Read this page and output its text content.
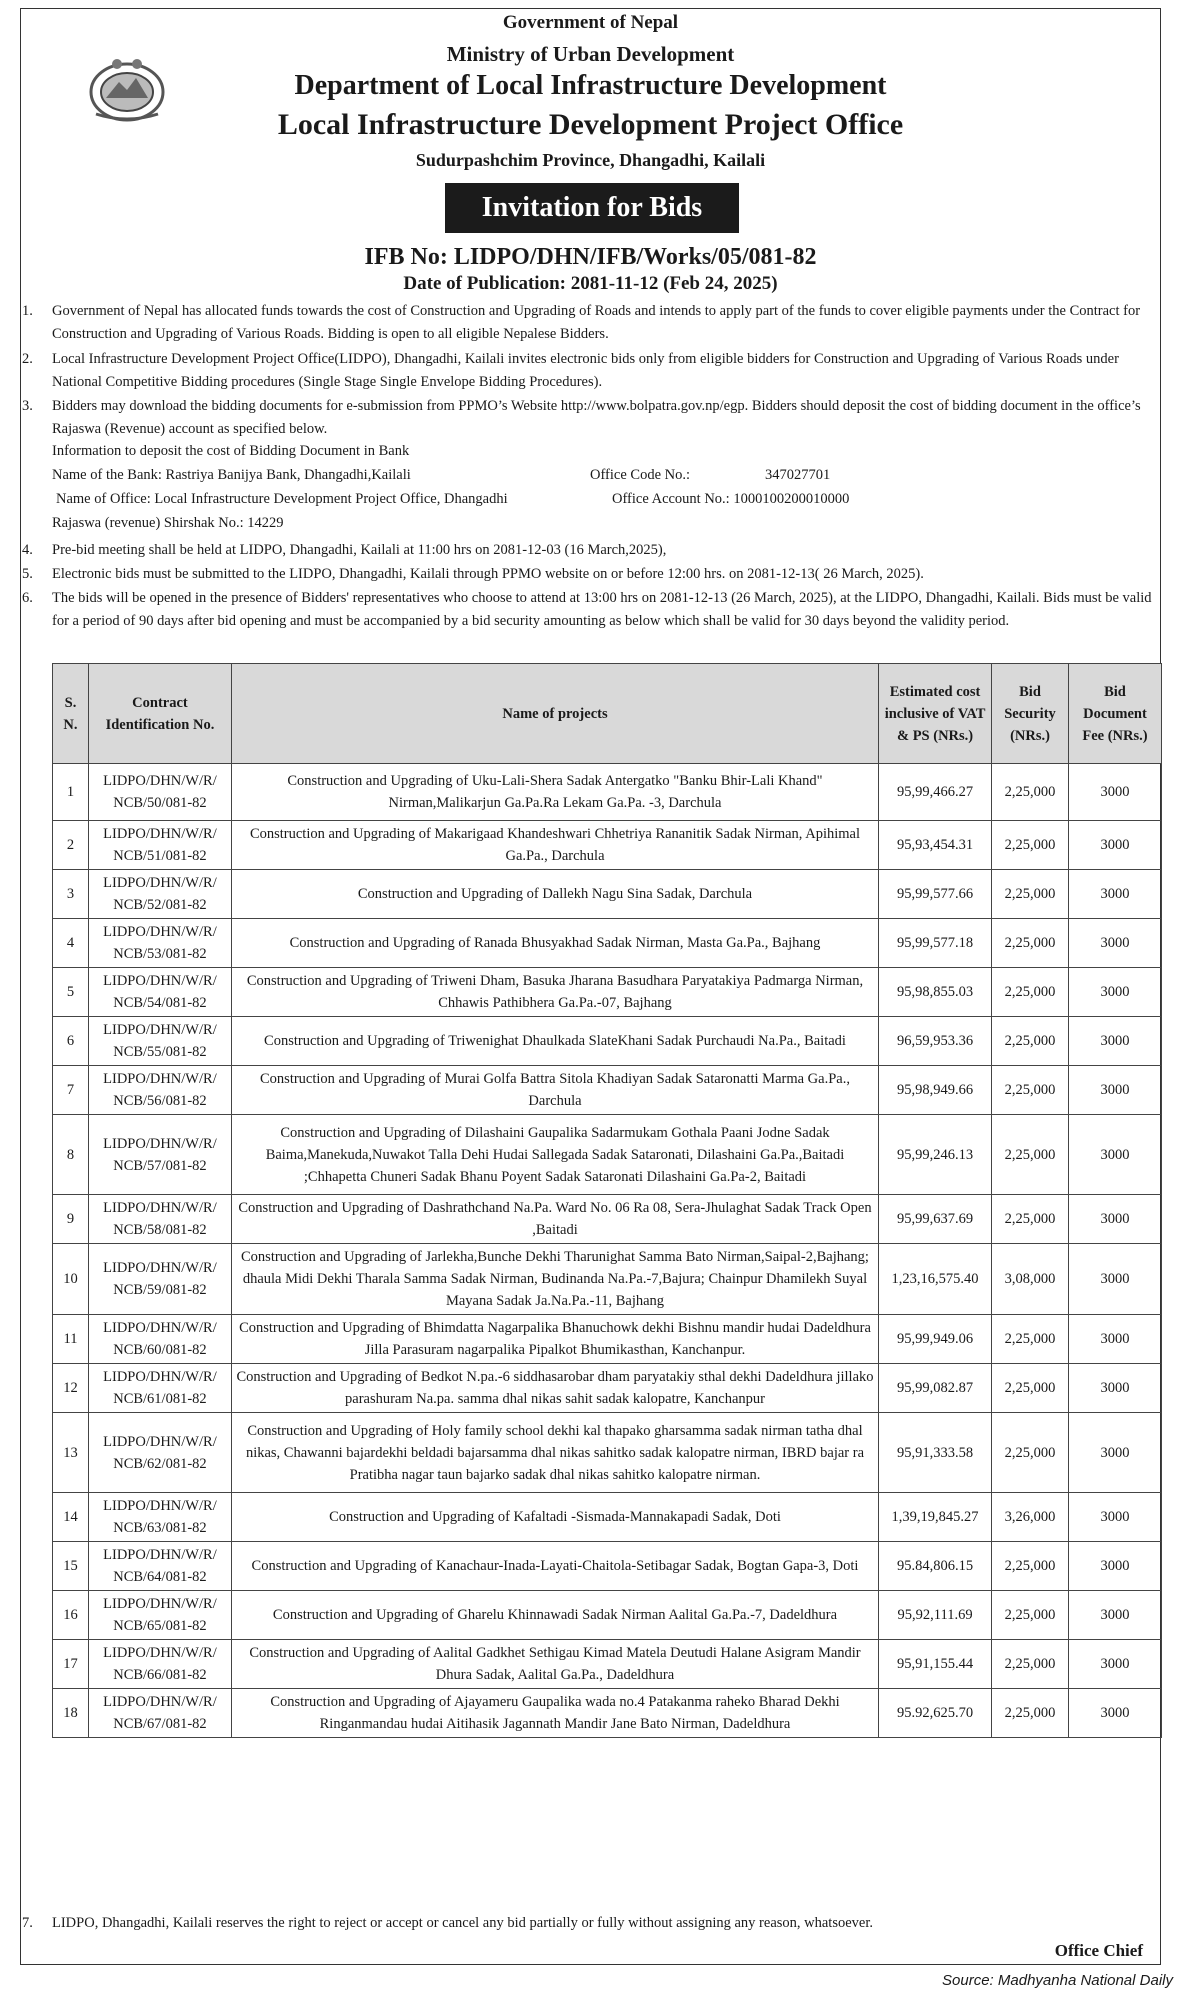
Government of Nepal
Ministry of Urban Development
Department of Local Infrastructure Development
Local Infrastructure Development Project Office
Sudurpashchim Province, Dhangadhi, Kailali
Invitation for Bids
IFB No: LIDPO/DHN/IFB/Works/05/081-82
Date of Publication: 2081-11-12 (Feb 24, 2025)
1. Government of Nepal has allocated funds towards the cost of Construction and Upgrading of Roads and intends to apply part of the funds to cover eligible payments under the Contract for Construction and Upgrading of Various Roads. Bidding is open to all eligible Nepalese Bidders.
2. Local Infrastructure Development Project Office(LIDPO), Dhangadhi, Kailali invites electronic bids only from eligible bidders for Construction and Upgrading of Various Roads under National Competitive Bidding procedures (Single Stage Single Envelope Bidding Procedures).
3. Bidders may download the bidding documents for e-submission from PPMO’s Website http://www.bolpatra.gov.np/egp. Bidders should deposit the cost of bidding document in the office’s Rajaswa (Revenue) account as specified below.
Information to deposit the cost of Bidding Document in Bank
Name of the Bank: Rastriya Banijya Bank, Dhangadhi,Kailali	Office Code No.:	347027701
Name of Office: Local Infrastructure Development Project Office, Dhangadhi	Office Account No.: 1000100200010000
Rajaswa (revenue) Shirshak No.: 14229
4. Pre-bid meeting shall be held at LIDPO, Dhangadhi, Kailali at 11:00 hrs on 2081-12-03 (16 March,2025),
5. Electronic bids must be submitted to the LIDPO, Dhangadhi, Kailali through PPMO website on or before 12:00 hrs. on 2081-12-13( 26 March, 2025).
6. The bids will be opened in the presence of Bidders' representatives who choose to attend at 13:00 hrs on 2081-12-13 (26 March, 2025), at the LIDPO, Dhangadhi, Kailali. Bids must be valid for a period of 90 days after bid opening and must be accompanied by a bid security amounting as below which shall be valid for 30 days beyond the validity period.
S. N.	Contract Identification No.	Name of projects	Estimated cost inclusive of VAT & PS (NRs.)	Bid Security (NRs.)	Bid Document Fee (NRs.)
1	LIDPO/DHN/W/R/ NCB/50/081-82	Construction and Upgrading of Uku-Lali-Shera Sadak Antergatko "Banku Bhir-Lali Khand" Nirman,Malikarjun Ga.Pa.Ra Lekam Ga.Pa. -3, Darchula	95,99,466.27	2,25,000	3000
2	LIDPO/DHN/W/R/ NCB/51/081-82	Construction and Upgrading of Makarigaad Khandeshwari Chhetriya Rananitik Sadak Nirman, Apihimal Ga.Pa., Darchula	95,93,454.31	2,25,000	3000
3	LIDPO/DHN/W/R/ NCB/52/081-82	Construction and Upgrading of Dallekh Nagu Sina Sadak, Darchula	95,99,577.66	2,25,000	3000
4	LIDPO/DHN/W/R/ NCB/53/081-82	Construction and Upgrading of Ranada Bhusyakhad Sadak Nirman, Masta Ga.Pa., Bajhang	95,99,577.18	2,25,000	3000
5	LIDPO/DHN/W/R/ NCB/54/081-82	Construction and Upgrading of Triweni Dham, Basuka Jharana Basudhara Paryatakiya Padmarga Nirman, Chhawis Pathibhera Ga.Pa.-07, Bajhang	95,98,855.03	2,25,000	3000
6	LIDPO/DHN/W/R/ NCB/55/081-82	Construction and Upgrading of Triwenighat Dhaulkada SlateKhani Sadak Purchaudi Na.Pa., Baitadi	96,59,953.36	2,25,000	3000
7	LIDPO/DHN/W/R/ NCB/56/081-82	Construction and Upgrading of Murai Golfa Battra Sitola Khadiyan Sadak Sataronatti Marma Ga.Pa., Darchula	95,98,949.66	2,25,000	3000
8	LIDPO/DHN/W/R/ NCB/57/081-82	Construction and Upgrading of Dilashaini Gaupalika Sadarmukam Gothala Paani Jodne Sadak Baima,Manekuda,Nuwakot Talla Dehi Hudai Sallegada Sadak Sataronati, Dilashaini Ga.Pa.,Baitadi ;Chhapetta Chuneri Sadak Bhanu Poyent Sadak Sataronati Dilashaini Ga.Pa-2, Baitadi	95,99,246.13	2,25,000	3000
9	LIDPO/DHN/W/R/ NCB/58/081-82	Construction and Upgrading of Dashrathchand Na.Pa. Ward No. 06 Ra 08, Sera-Jhulaghat Sadak Track Open ,Baitadi	95,99,637.69	2,25,000	3000
10	LIDPO/DHN/W/R/ NCB/59/081-82	Construction and Upgrading of Jarlekha,Bunche Dekhi Tharunighat Samma Bato Nirman,Saipal-2,Bajhang; dhaula Midi Dekhi Tharala Samma Sadak Nirman, Budinanda Na.Pa.-7,Bajura; Chainpur Dhamilekh Suyal Mayana Sadak Ja.Na.Pa.-11, Bajhang	1,23,16,575.40	3,08,000	3000
11	LIDPO/DHN/W/R/ NCB/60/081-82	Construction and Upgrading of Bhimdatta Nagarpalika Bhanuchowk dekhi Bishnu mandir hudai Dadeldhura Jilla Parasuram nagarpalika Pipalkot Bhumikasthan, Kanchanpur.	95,99,949.06	2,25,000	3000
12	LIDPO/DHN/W/R/ NCB/61/081-82	Construction and Upgrading of Bedkot N.pa.-6 siddhasarobar dham paryatakiy sthal dekhi Dadeldhura jillako parashuram Na.pa. samma dhal nikas sahit sadak kalopatre, Kanchanpur	95,99,082.87	2,25,000	3000
13	LIDPO/DHN/W/R/ NCB/62/081-82	Construction and Upgrading of Holy family school dekhi kal thapako gharsamma sadak nirman tatha dhal nikas, Chawanni bajardekhi beldadi bajarsamma dhal nikas sahitko sadak kalopatre nirman, IBRD bajar ra Pratibha nagar taun bajarko sadak dhal nikas sahitko kalopatre nirman.	95,91,333.58	2,25,000	3000
14	LIDPO/DHN/W/R/ NCB/63/081-82	Construction and Upgrading of Kafaltadi -Sismada-Mannakapadi Sadak, Doti	1,39,19,845.27	3,26,000	3000
15	LIDPO/DHN/W/R/ NCB/64/081-82	Construction and Upgrading of Kanachaur-Inada-Layati-Chaitola-Setibagar Sadak, Bogtan Gapa-3, Doti	95.84,806.15	2,25,000	3000
16	LIDPO/DHN/W/R/ NCB/65/081-82	Construction and Upgrading of Gharelu Khinnawadi Sadak Nirman Aalital Ga.Pa.-7, Dadeldhura	95,92,111.69	2,25,000	3000
17	LIDPO/DHN/W/R/ NCB/66/081-82	Construction and Upgrading of Aalital Gadkhet Sethigau Kimad Matela Deutudi Halane Asigram Mandir Dhura Sadak, Aalital Ga.Pa., Dadeldhura	95,91,155.44	2,25,000	3000
18	LIDPO/DHN/W/R/ NCB/67/081-82	Construction and Upgrading of Ajayameru Gaupalika wada no.4 Patakanma raheko Bharad Dekhi Ringanmandau hudai Aitihasik Jagannath Mandir Jane Bato Nirman, Dadeldhura	95.92,625.70	2,25,000	3000
7. LIDPO, Dhangadhi, Kailali reserves the right to reject or accept or cancel any bid partially or fully without assigning any reason, whatsoever.
Office Chief
Source: Madhyanha National Daily
